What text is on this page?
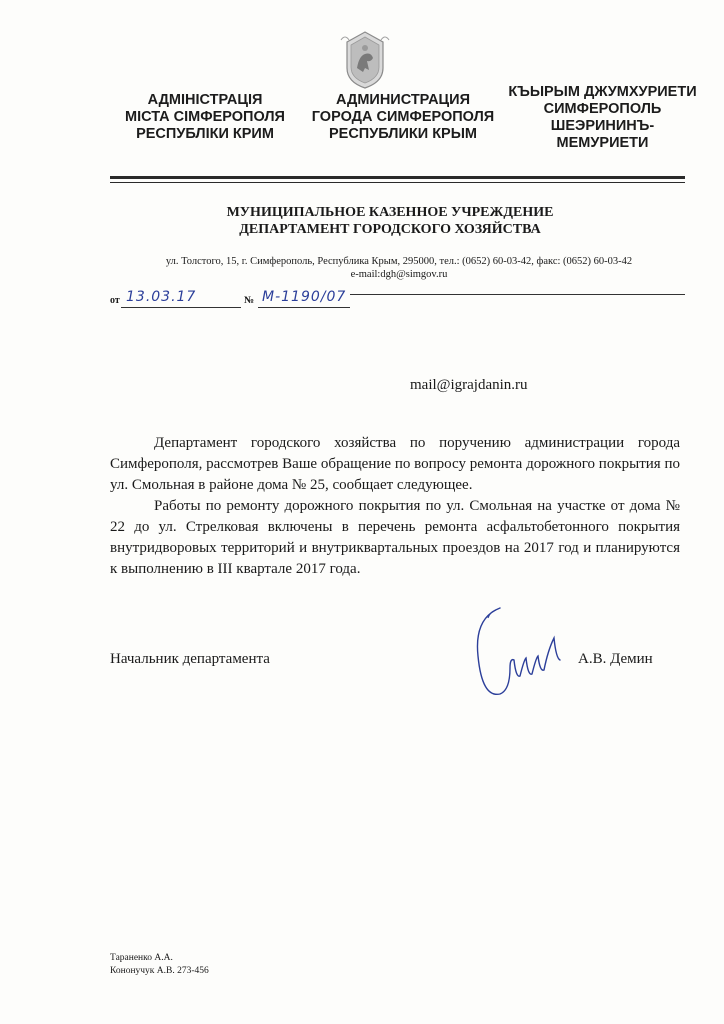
АДМІНІСТРАЦІЯ
МІСТА СІМФЕРОПОЛЯ
РЕСПУБЛІКИ КРИМ
АДМИНИСТРАЦИЯ
ГОРОДА СИМФЕРОПОЛЯ
РЕСПУБЛИКИ КРЫМ
КЪЫРЫМ ДЖУМХУРИЕТИ
СИМФЕРОПОЛЬ
ШЕЭРИНИНЪ-
МЕМУРИЕТИ
МУНИЦИПАЛЬНОЕ КАЗЕННОЕ УЧРЕЖДЕНИЕ
ДЕПАРТАМЕНТ ГОРОДСКОГО ХОЗЯЙСТВА
ул. Толстого, 15, г. Симферополь, Республика Крым, 295000, тел.: (0652) 60-03-42, факс: (0652) 60-03-42
e-mail:dgh@simgov.ru
от 13.03.17	№ М-1190/07
mail@igrajdanin.ru

Департамент городского хозяйства по поручению администрации города Симферополя, рассмотрев Ваше обращение по вопросу ремонта дорожного покрытия по ул. Смольная в районе дома № 25, сообщает следующее.

Работы по ремонту дорожного покрытия по ул. Смольная на участке от дома № 22 до ул. Стрелковая включены в перечень ремонта асфальтобетонного покрытия внутридворовых территорий и внутриквартальных проездов на 2017 год и планируются к выполнению в III квартале 2017 года.

Начальник департамента	А.В. Демин
Тараненко А.А.
Кононучук А.В. 273-456
